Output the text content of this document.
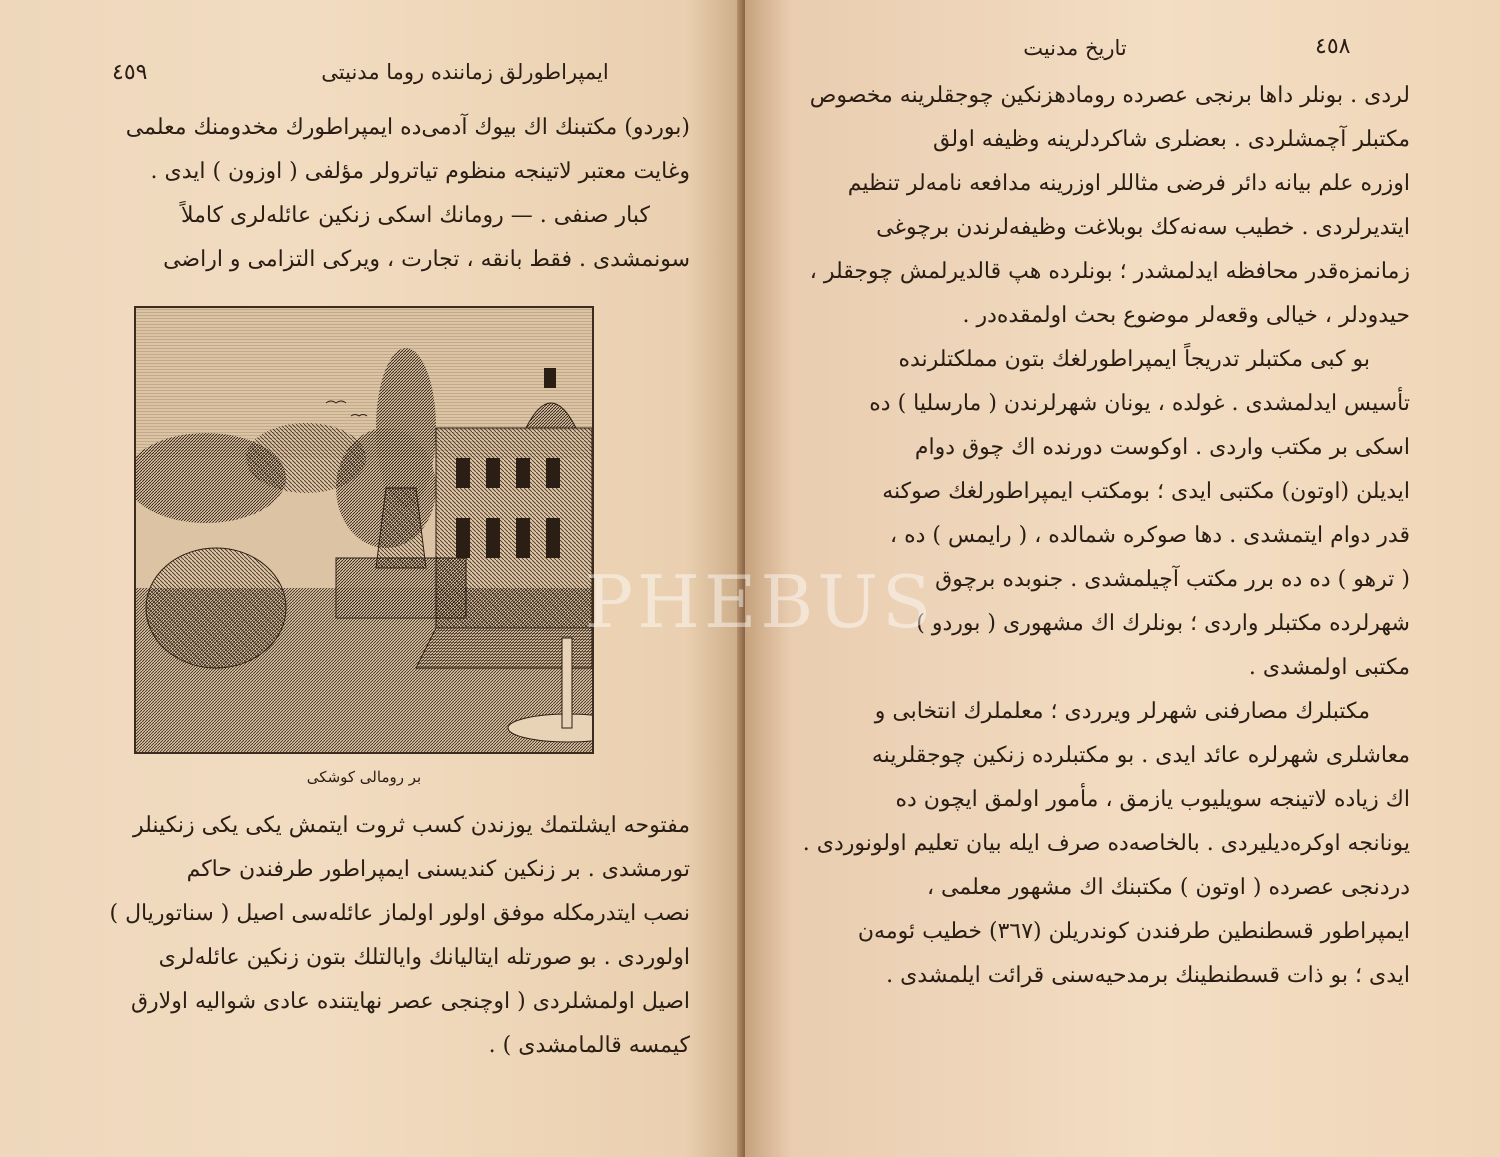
٤٥٩	ايمپراطورلق زماننده روما مدنيتی
(بوردو) مكتبنك اك بيوك آدمی‌ده ايمپراطورك مخدومنك معلمی
وغايت معتبر لاتينجه منظوم تياترولر مؤلفی ( اوزون ) ايدی .
كبار صنفی . — رومانك اسكی زنكين عائله‌لری كاملاً
سونمشدی . فقط بانقه ، تجارت ، ويركی التزامی و اراضی
بر رومالی كوشكی
مفتوحه ايشلتمك يوزندن كسب ثروت ايتمش يكی يكی زنكينلر
تورمشدی . بر زنكين كنديسنی ايمپراطور طرفندن حاكم
نصب ايتدرمكله موفق اولور اولماز عائله‌سی اصيل ( سناتوريال )
اولوردی . بو صورتله ايتاليانك وايالتلك بتون زنكين عائله‌لری
اصيل اولمشلردی ( اوچنجی عصر نهايتنده عادی شواليه اولارق
كيمسه قالمامشدی ) .
تاريخ مدنيت	٤٥٨
لردی . بونلر داها برنجی عصرده رومادهزنكين چوجقلرينه مخصوص
مكتبلر آچمشلردی . بعضلری شاكردلرينه وظيفه اولق
اوزره علم بيانه دائر فرضی مثاللر اوزرينه مدافعه نامه‌لر تنظيم
ايتديرلردی . خطيب سه‌نه‌كك بوبلاغت وظيفه‌لرندن برچوغی
زمانمزه‌قدر محافظه ايدلمشدر ؛ بونلرده هپ قالديرلمش چوجقلر ،
حيدودلر ، خيالی وقعه‌لر موضوع بحث اولمقده‌در .
بو كبی مكتبلر تدريجاً ايمپراطورلغك بتون مملكتلرنده
تأسيس ايدلمشدی . غولده ، يونان شهرلرندن ( مارسليا ) ده
اسكی بر مكتب واردی . اوكوست دورنده اك چوق دوام
ايديلن (اوتون) مكتبی ايدی ؛ بومكتب ايمپراطورلغك صوكنه
قدر دوام ايتمشدی . دها صوكره شمالده ، ( رايمس ) ده ،
( ترهو ) ده ده برر مكتب آچيلمشدی . جنوبده برچوق
شهرلرده مكتبلر واردی ؛ بونلرك اك مشهوری ( بوردو )
مكتبی اولمشدی .
مكتبلرك مصارفنی شهرلر ويرردی ؛ معلملرك انتخابی و
معاشلری شهرلره عائد ايدی . بو مكتبلرده زنكين چوجقلرينه
اك زياده لاتينجه سويليوب يازمق ، مأمور اولمق ايچون ده
يونانجه اوكره‌ديليردی . بالخاصه‌ده صرف ايله بيان تعليم اولونوردی .
دردنجی عصرده ( اوتون ) مكتبنك اك مشهور معلمی ،
ايمپراطور قسطنطين طرفندن كوندريلن (٣٦٧) خطيب ئومەن
ايدی ؛ بو ذات قسطنطينك برمدحيه‌سنی قرائت ايلمشدی .
PHEBUS
